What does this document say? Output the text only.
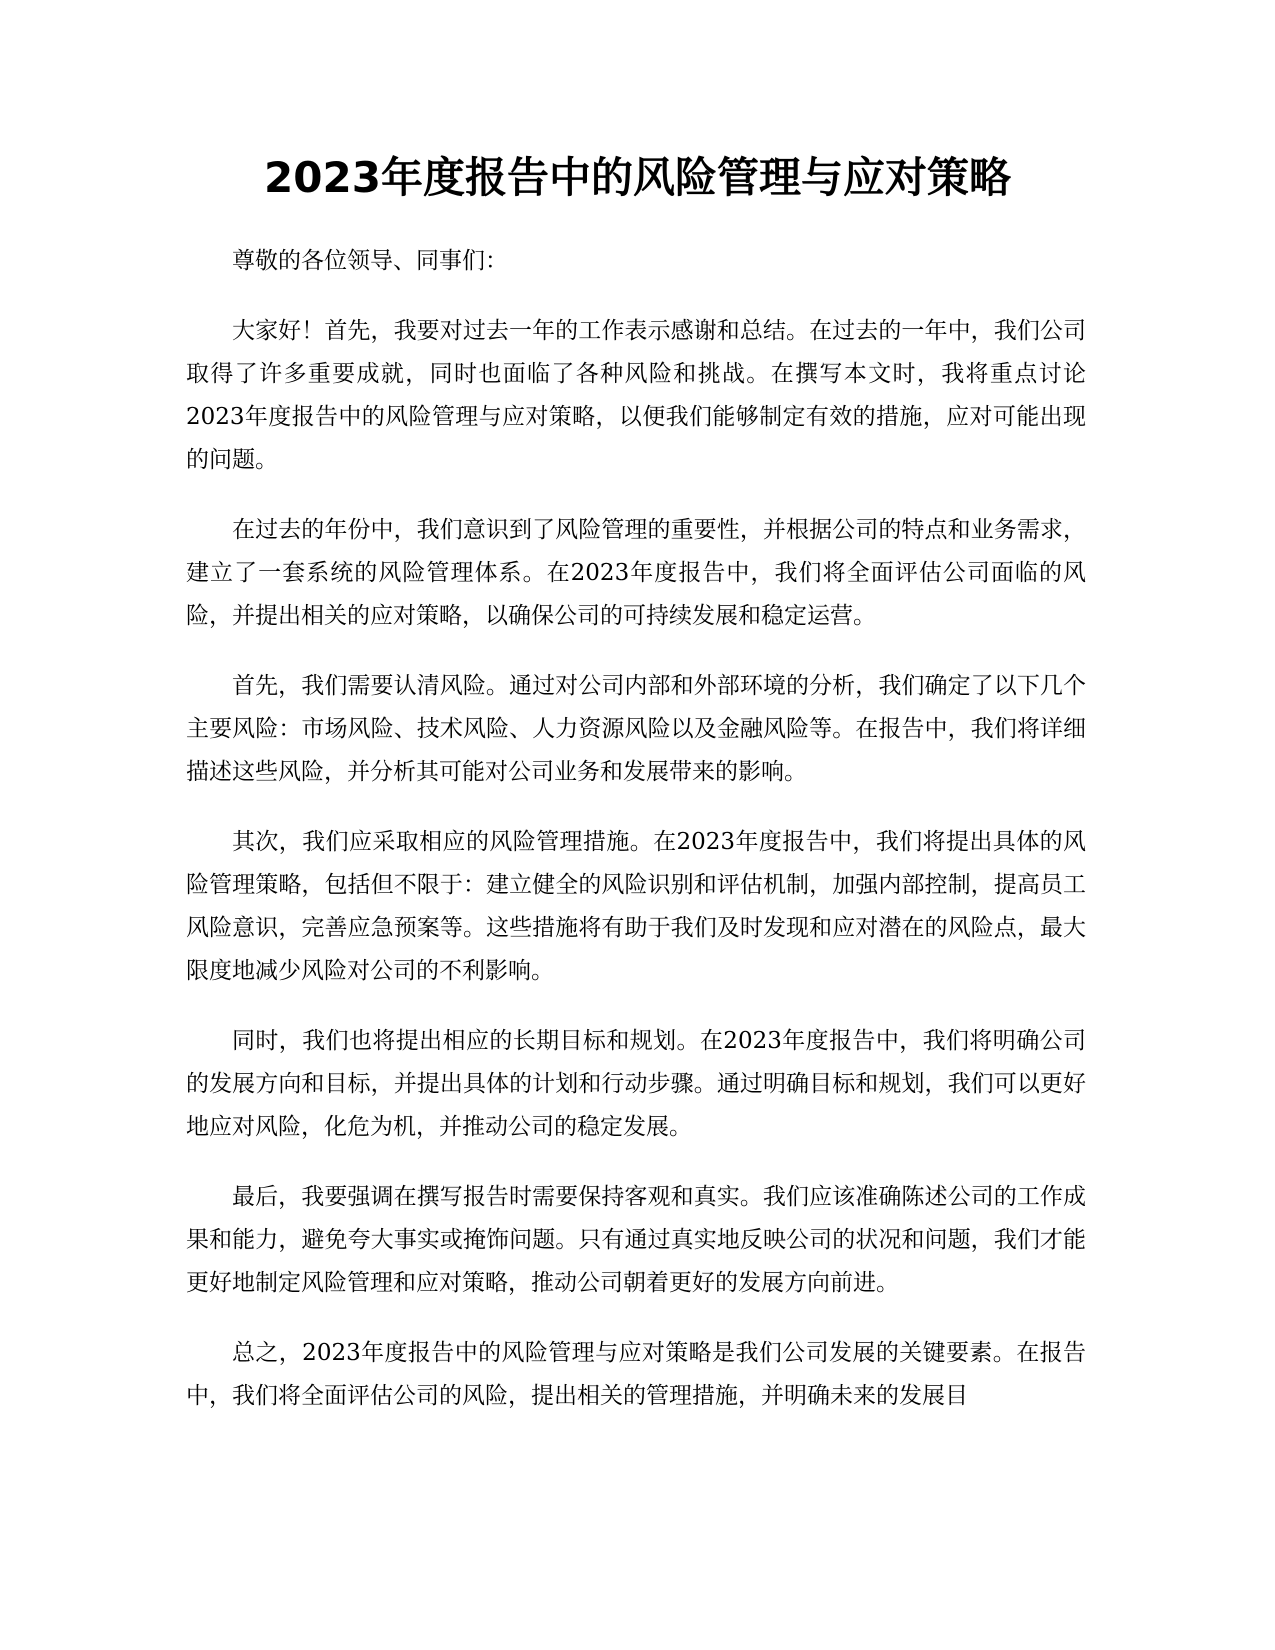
2023年度报告中的风险管理与应对策略

尊敬的各位领导、同事们：

大家好！首先，我要对过去一年的工作表示感谢和总结。在过去的一年中，我们公司取得了许多重要成就，同时也面临了各种风险和挑战。在撰写本文时，我将重点讨论2023年度报告中的风险管理与应对策略，以便我们能够制定有效的措施，应对可能出现的问题。

在过去的年份中，我们意识到了风险管理的重要性，并根据公司的特点和业务需求，建立了一套系统的风险管理体系。在2023年度报告中，我们将全面评估公司面临的风险，并提出相关的应对策略，以确保公司的可持续发展和稳定运营。

首先，我们需要认清风险。通过对公司内部和外部环境的分析，我们确定了以下几个主要风险：市场风险、技术风险、人力资源风险以及金融风险等。在报告中，我们将详细描述这些风险，并分析其可能对公司业务和发展带来的影响。

其次，我们应采取相应的风险管理措施。在2023年度报告中，我们将提出具体的风险管理策略，包括但不限于：建立健全的风险识别和评估机制，加强内部控制，提高员工风险意识，完善应急预案等。这些措施将有助于我们及时发现和应对潜在的风险点，最大限度地减少风险对公司的不利影响。

同时，我们也将提出相应的长期目标和规划。在2023年度报告中，我们将明确公司的发展方向和目标，并提出具体的计划和行动步骤。通过明确目标和规划，我们可以更好地应对风险，化危为机，并推动公司的稳定发展。

最后，我要强调在撰写报告时需要保持客观和真实。我们应该准确陈述公司的工作成果和能力，避免夸大事实或掩饰问题。只有通过真实地反映公司的状况和问题，我们才能更好地制定风险管理和应对策略，推动公司朝着更好的发展方向前进。

总之，2023年度报告中的风险管理与应对策略是我们公司发展的关键要素。在报告中，我们将全面评估公司的风险，提出相关的管理措施，并明确未来的发展目
